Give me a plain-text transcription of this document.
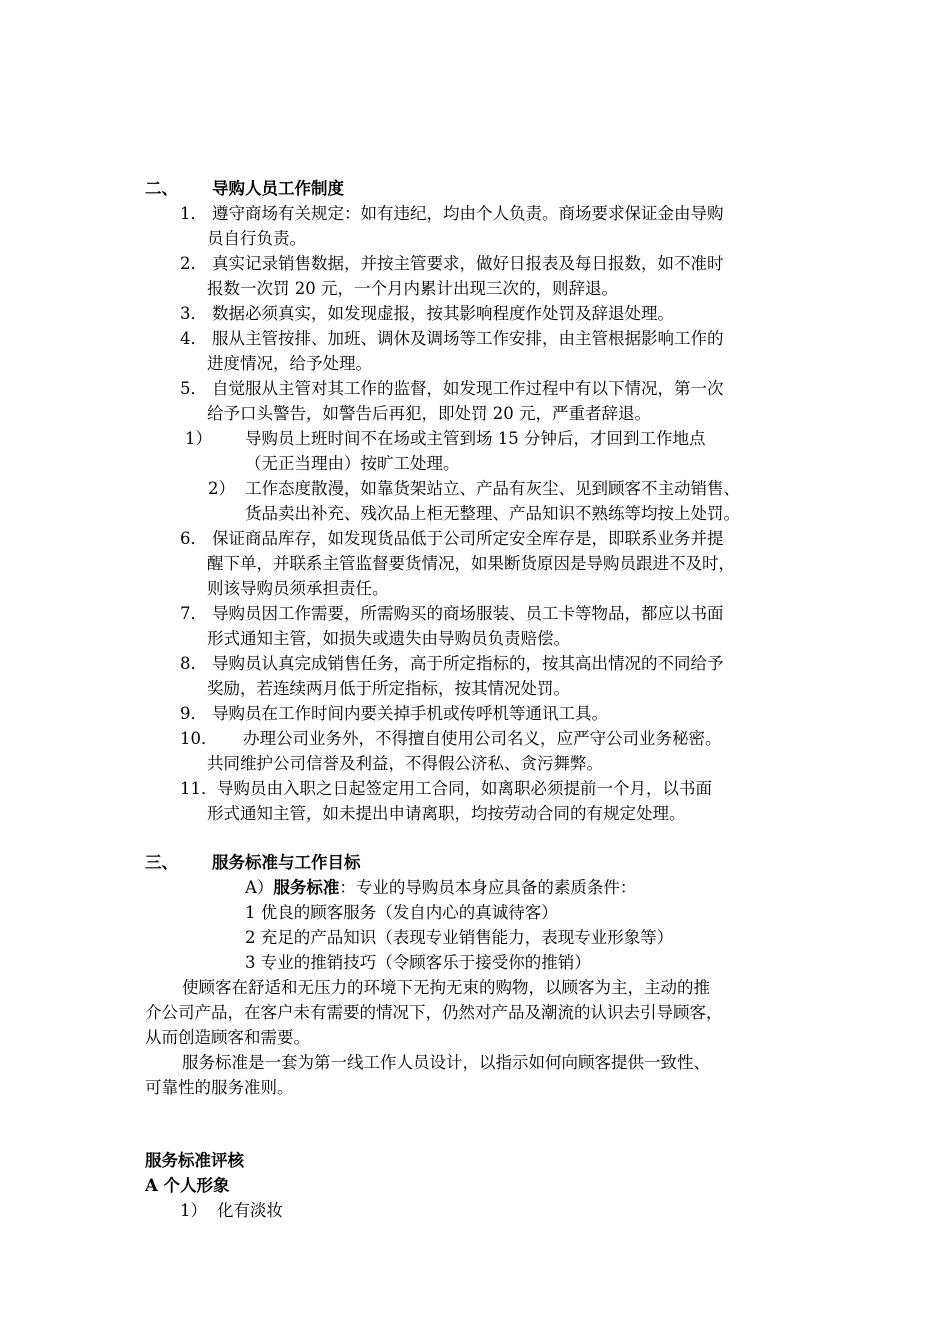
二、 导购人员工作制度
1． 遵守商场有关规定：如有违纪，均由个人负责。商场要求保证金由导购
员自行负责。
2． 真实记录销售数据，并按主管要求，做好日报表及每日报数，如不准时
报数一次罚 20 元，一个月内累计出现三次的，则辞退。
3． 数据必须真实，如发现虚报，按其影响程度作处罚及辞退处理。
4． 服从主管按排、加班、调休及调场等工作安排，由主管根据影响工作的
进度情况，给予处理。
5． 自觉服从主管对其工作的监督，如发现工作过程中有以下情况，第一次
给予口头警告，如警告后再犯，即处罚 20 元，严重者辞退。
1） 导购员上班时间不在场或主管到场 15 分钟后，才回到工作地点
（无正当理由）按旷工处理。
2） 工作态度散漫，如靠货架站立、产品有灰尘、见到顾客不主动销售、
货品卖出补充、残次品上柜无整理、产品知识不熟练等均按上处罚。
6． 保证商品库存，如发现货品低于公司所定安全库存是，即联系业务并提
醒下单，并联系主管监督要货情况，如果断货原因是导购员跟进不及时，
则该导购员须承担责任。
7． 导购员因工作需要，所需购买的商场服装、员工卡等物品，都应以书面
形式通知主管，如损失或遗失由导购员负责赔偿。
8． 导购员认真完成销售任务，高于所定指标的，按其高出情况的不同给予
奖励，若连续两月低于所定指标，按其情况处罚。
9． 导购员在工作时间内要关掉手机或传呼机等通讯工具。
10． 办理公司业务外，不得擅自使用公司名义，应严守公司业务秘密。
共同维护公司信誉及利益，不得假公济私、贪污舞弊。
11． 导购员由入职之日起签定用工合同，如离职必须提前一个月，以书面
形式通知主管，如未提出申请离职，均按劳动合同的有规定处理。
三、 服务标准与工作目标
A）服务标准：专业的导购员本身应具备的素质条件：
1 优良的顾客服务（发自内心的真诚待客）
2 充足的产品知识（表现专业销售能力，表现专业形象等）
3 专业的推销技巧（令顾客乐于接受你的推销）
使顾客在舒适和无压力的环境下无拘无束的购物，以顾客为主，主动的推
介公司产品，在客户未有需要的情况下，仍然对产品及潮流的认识去引导顾客，
从而创造顾客和需要。
服务标准是一套为第一线工作人员设计，以指示如何向顾客提供一致性、
可靠性的服务准则。
服务标准评核
A 个人形象
1） 化有淡妆
